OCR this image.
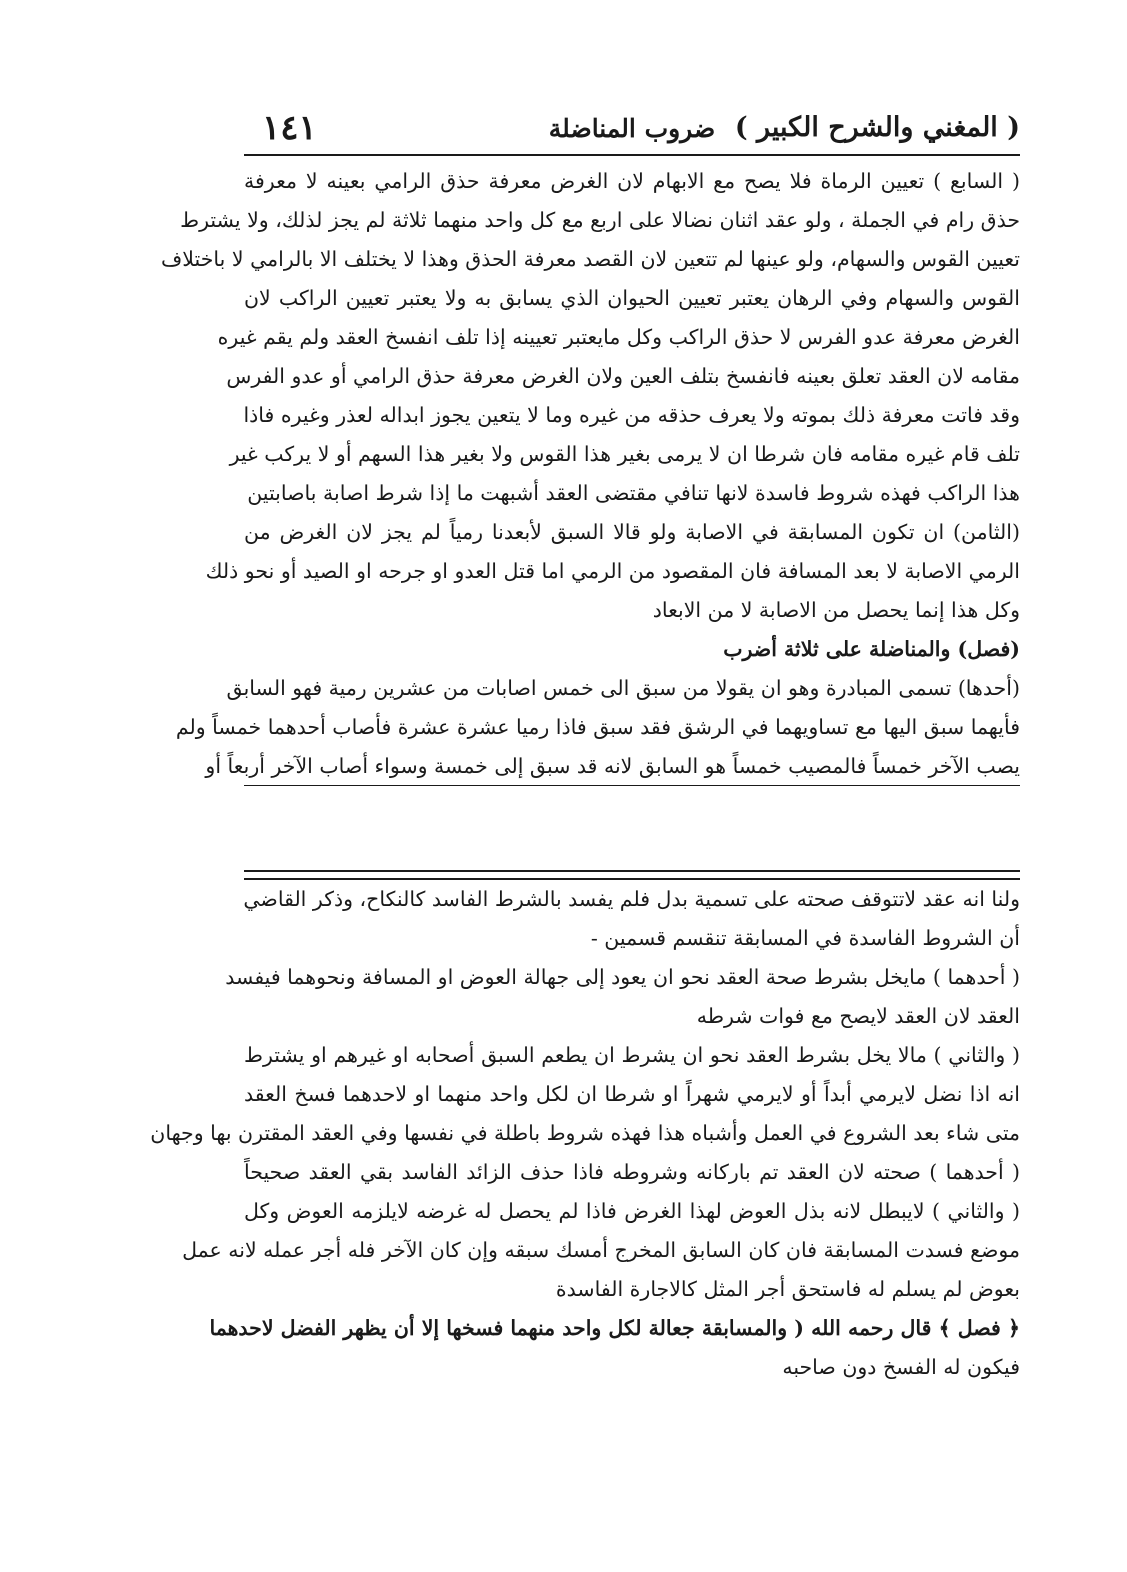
( المغني والشرح الكبير )
ضروب المناضلة
١٤١
( السابع ) تعيين الرماة فلا يصح مع الابهام لان الغرض معرفة حذق الرامي بعينه لا معرفة
حذق رام في الجملة ، ولو عقد اثنان نضالا على اربع مع كل واحد منهما ثلاثة لم يجز لذلك، ولا يشترط
تعيين القوس والسهام، ولو عينها لم تتعين لان القصد معرفة الحذق وهذا لا يختلف الا بالرامي لا باختلاف
القوس والسهام وفي الرهان يعتبر تعيين الحيوان الذي يسابق به ولا يعتبر تعيين الراكب لان
الغرض معرفة عدو الفرس لا حذق الراكب وكل مايعتبر تعيينه إذا تلف انفسخ العقد ولم يقم غيره
مقامه لان العقد تعلق بعينه فانفسخ بتلف العين ولان الغرض معرفة حذق الرامي أو عدو الفرس
وقد فاتت معرفة ذلك بموته ولا يعرف حذقه من غيره وما لا يتعين يجوز ابداله لعذر وغيره فاذا
تلف قام غيره مقامه فان شرطا ان لا يرمى بغير هذا القوس ولا بغير هذا السهم أو لا يركب غير
هذا الراكب فهذه شروط فاسدة لانها تنافي مقتضى العقد أشبهت ما إذا شرط اصابة باصابتين
(الثامن) ان تكون المسابقة في الاصابة ولو قالا السبق لأبعدنا رمياً لم يجز لان الغرض من
الرمي الاصابة لا بعد المسافة فان المقصود من الرمي اما قتل العدو او جرحه او الصيد أو نحو ذلك
وكل هذا إنما يحصل من الاصابة لا من الابعاد
(فصل) والمناضلة على ثلاثة أضرب
(أحدها) تسمى المبادرة وهو ان يقولا من سبق الى خمس اصابات من عشرين رمية فهو السابق
فأيهما سبق اليها مع تساويهما في الرشق فقد سبق فاذا رميا عشرة عشرة فأصاب أحدهما خمساً ولم
يصب الآخر خمساً فالمصيب خمساً هو السابق لانه قد سبق إلى خمسة وسواء أصاب الآخر أربعاً أو
ولنا انه عقد لاتتوقف صحته على تسمية بدل فلم يفسد بالشرط الفاسد كالنكاح، وذكر القاضي
أن الشروط الفاسدة في المسابقة تنقسم قسمين -
( أحدهما ) مايخل بشرط صحة العقد نحو ان يعود إلى جهالة العوض او المسافة ونحوهما فيفسد
العقد لان العقد لايصح مع فوات شرطه
( والثاني ) مالا يخل بشرط العقد نحو ان يشرط ان يطعم السبق أصحابه او غيرهم او يشترط
انه اذا نضل لايرمي أبداً أو لايرمي شهراً او شرطا ان لكل واحد منهما او لاحدهما فسخ العقد
متى شاء بعد الشروع في العمل وأشباه هذا فهذه شروط باطلة في نفسها وفي العقد المقترن بها وجهان
( أحدهما ) صحته لان العقد تم باركانه وشروطه فاذا حذف الزائد الفاسد بقي العقد صحيحاً
( والثاني ) لايبطل لانه بذل العوض لهذا الغرض فاذا لم يحصل له غرضه لايلزمه العوض وكل
موضع فسدت المسابقة فان كان السابق المخرج أمسك سبقه وإن كان الآخر فله أجر عمله لانه عمل
بعوض لم يسلم له فاستحق أجر المثل كالاجارة الفاسدة
﴿ فصل ﴾ قال رحمه الله ( والمسابقة جعالة لكل واحد منهما فسخها إلا أن يظهر الفضل لاحدهما
فيكون له الفسخ دون صاحبه
